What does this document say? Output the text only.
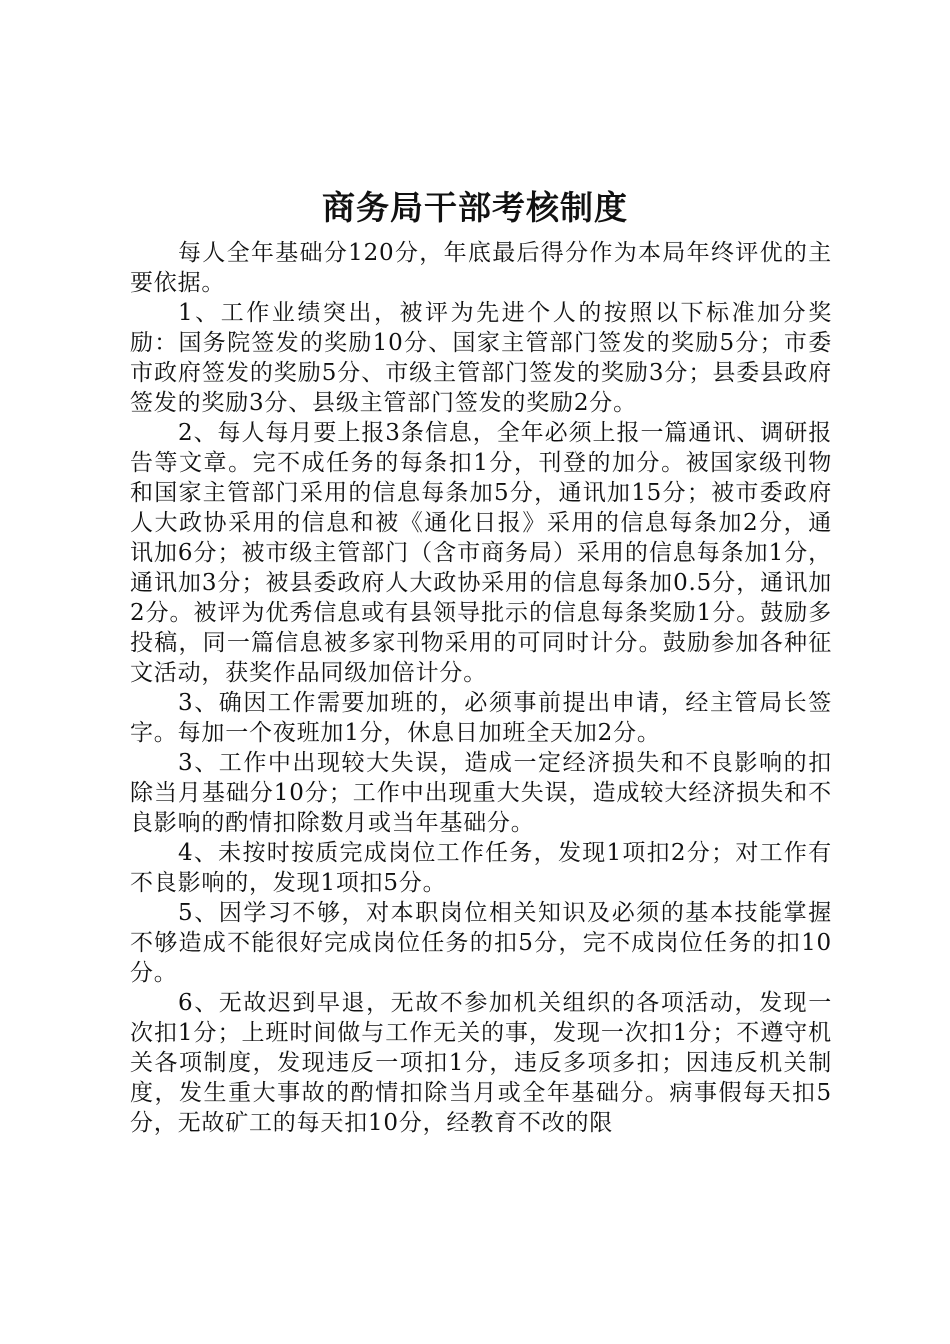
商务局干部考核制度

每人全年基础分120分，年底最后得分作为本局年终评优的主要依据。

1、工作业绩突出，被评为先进个人的按照以下标准加分奖励：国务院签发的奖励10分、国家主管部门签发的奖励5分；市委市政府签发的奖励5分、市级主管部门签发的奖励3分；县委县政府签发的奖励3分、县级主管部门签发的奖励2分。

2、每人每月要上报3条信息，全年必须上报一篇通讯、调研报告等文章。完不成任务的每条扣1分，刊登的加分。被国家级刊物和国家主管部门采用的信息每条加5分，通讯加15分；被市委政府人大政协采用的信息和被《通化日报》采用的信息每条加2分，通讯加6分；被市级主管部门（含市商务局）采用的信息每条加1分，通讯加3分；被县委政府人大政协采用的信息每条加0.5分，通讯加2分。被评为优秀信息或有县领导批示的信息每条奖励1分。鼓励多投稿，同一篇信息被多家刊物采用的可同时计分。鼓励参加各种征文活动，获奖作品同级加倍计分。

3、确因工作需要加班的，必须事前提出申请，经主管局长签字。每加一个夜班加1分，休息日加班全天加2分。

3、工作中出现较大失误，造成一定经济损失和不良影响的扣除当月基础分10分；工作中出现重大失误，造成较大经济损失和不良影响的酌情扣除数月或当年基础分。

4、未按时按质完成岗位工作任务，发现1项扣2分；对工作有不良影响的，发现1项扣5分。

5、因学习不够，对本职岗位相关知识及必须的基本技能掌握不够造成不能很好完成岗位任务的扣5分，完不成岗位任务的扣10分。

6、无故迟到早退，无故不参加机关组织的各项活动，发现一次扣1分；上班时间做与工作无关的事，发现一次扣1分；不遵守机关各项制度，发现违反一项扣1分，违反多项多扣；因违反机关制度，发生重大事故的酌情扣除当月或全年基础分。病事假每天扣5分，无故矿工的每天扣10分，经教育不改的限
